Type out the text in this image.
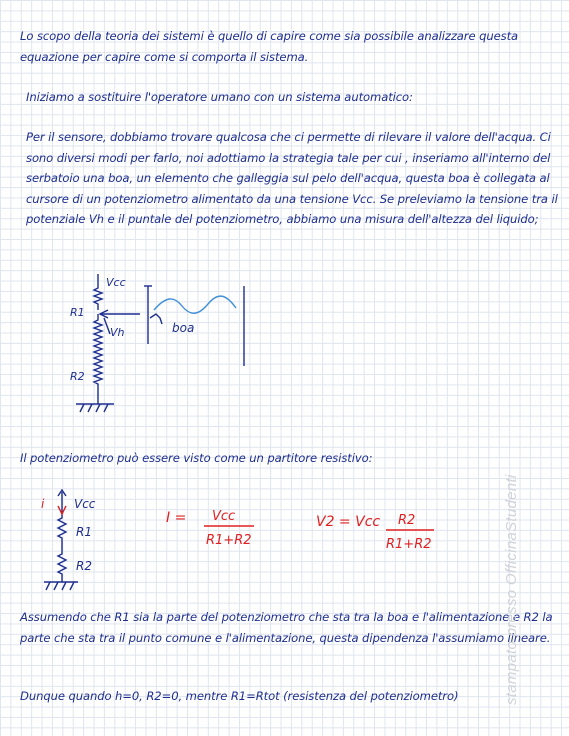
Lo scopo della teoria dei sistemi è quello di capire come sia possibile analizzare questa equazione per capire come si comporta il sistema.
Iniziamo a sostituire l'operatore umano con un sistema automatico:
Per il sensore, dobbiamo trovare qualcosa che ci permette di rilevare il valore dell'acqua. Ci sono diversi modi per farlo, noi adottiamo la strategia tale per cui , inseriamo all'interno del serbatoio una boa, un elemento che galleggia sul pelo dell'acqua, questa boa è collegata al cursore di un potenziometro alimentato da una tensione Vcc. Se preleviamo la tensione tra il potenziale Vh e il puntale del potenziometro, abbiamo una misura dell'altezza del liquido;
Vcc
R1
Vh
R2
boa
Il potenziometro può essere visto come un partitore resistivo:
i Vcc
R1
R2
I = Vcc
R1+R2
V2 = Vcc R2
R1+R2
Assumendo che R1 sia la parte del potenziometro che sta tra la boa e l'alimentazione e R2 la parte che sta tra il punto comune e l'alimentazione, questa dipendenza l'assumiamo lineare.
Dunque quando h=0, R2=0, mentre R1=Rtot (resistenza del potenziometro)	stampato presso OfficinaStudenti
